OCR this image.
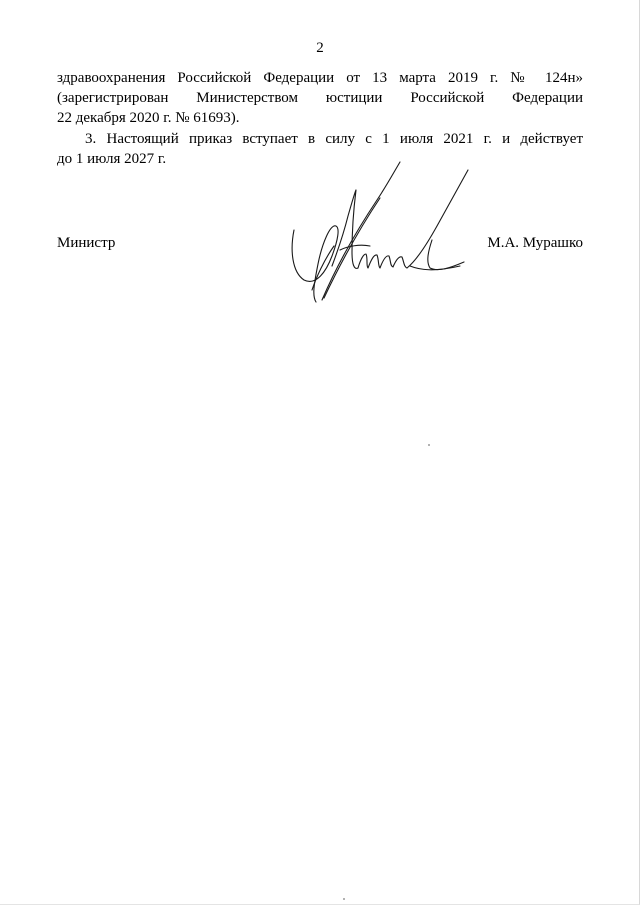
2
здравоохранения Российской Федерации от 13 марта 2019 г. № 124н»
(зарегистрирован Министерством юстиции Российской Федерации
22 декабря 2020 г. № 61693).
3. Настоящий приказ вступает в силу с 1 июля 2021 г. и действует
до 1 июля 2027 г.
Министр	М.А. Мурашко
